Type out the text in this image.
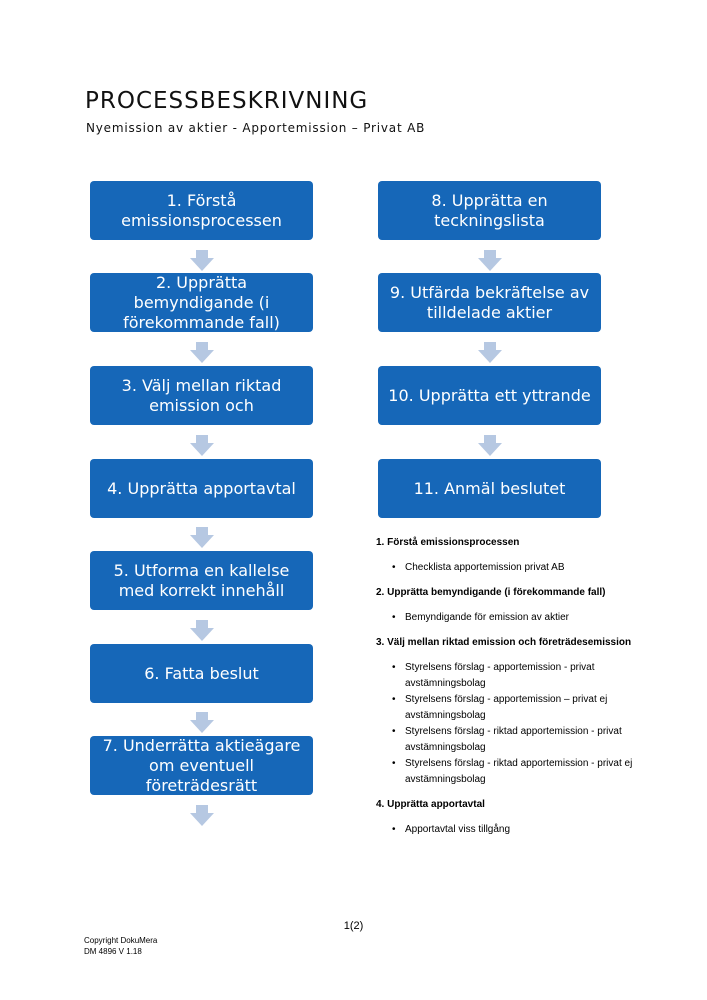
PROCESSBESKRIVNING
Nyemission av aktier - Apportemission – Privat AB
1. Förstå emissionsprocessen
2. Upprätta bemyndigande (i förekommande fall)
3. Välj mellan riktad emission och
4. Upprätta apportavtal
5. Utforma en kallelse med korrekt innehåll
6. Fatta beslut
7. Underrätta aktieägare om eventuell företrädesrätt
8. Upprätta en teckningslista
9. Utfärda bekräftelse av tilldelade aktier
10. Upprätta ett yttrande
11. Anmäl beslutet
1. Förstå emissionsprocessen
• Checklista apportemission privat AB
2. Upprätta bemyndigande (i förekommande fall)
• Bemyndigande för emission av aktier
3. Välj mellan riktad emission och företrädesemission
• Styrelsens förslag - apportemission - privat avstämningsbolag
• Styrelsens förslag - apportemission – privat ej avstämningsbolag
• Styrelsens förslag - riktad apportemission - privat avstämningsbolag
• Styrelsens förslag - riktad apportemission - privat ej avstämningsbolag
4. Upprätta apportavtal
• Apportavtal viss tillgång
1(2)
Copyright DokuMera
DM 4896 V 1.18
